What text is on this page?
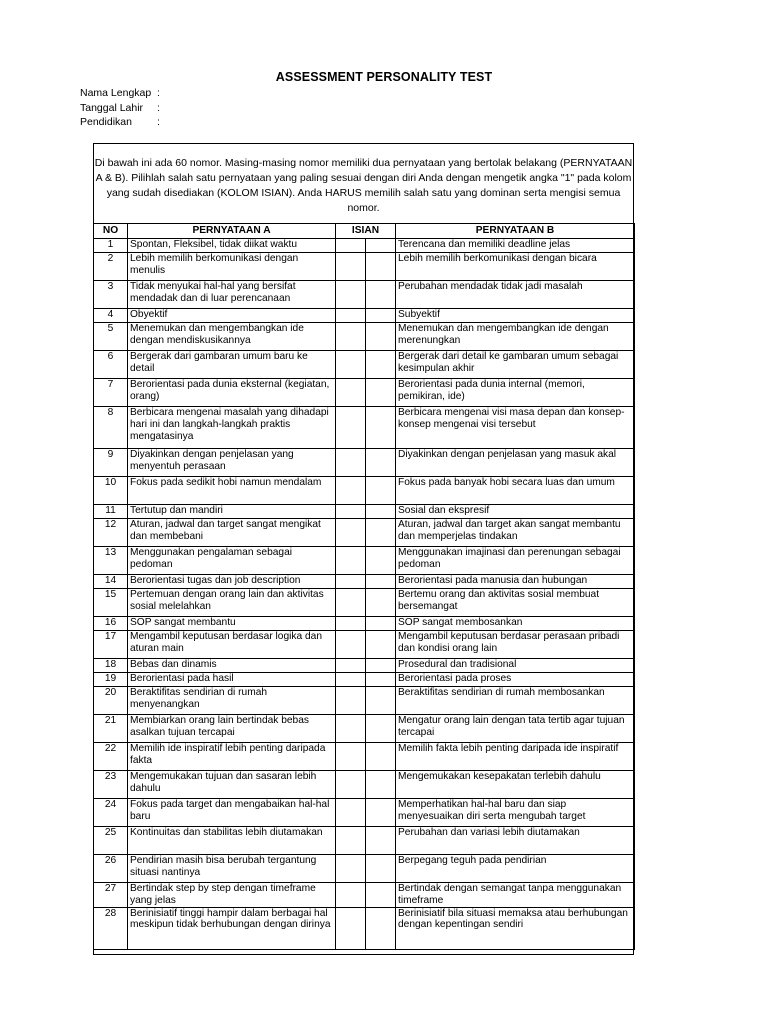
ASSESSMENT PERSONALITY TEST
Nama Lengkap :
Tanggal Lahir	:
Pendidikan	:
Di bawah ini ada 60 nomor. Masing-masing nomor memiliki dua pernyataan yang bertolak belakang (PERNYATAAN A & B). Pilihlah salah satu pernyataan yang paling sesuai dengan diri Anda dengan mengetik angka "1" pada kolom yang sudah disediakan (KOLOM ISIAN). Anda HARUS memilih salah satu yang dominan serta mengisi semua nomor.
NO	PERNYATAAN A	ISIAN		PERNYATAAN B
1	Spontan, Fleksibel, tidak diikat waktu			Terencana dan memiliki deadline jelas
2	Lebih memilih berkomunikasi dengan menulis			Lebih memilih berkomunikasi dengan bicara
3	Tidak menyukai hal-hal yang bersifat mendadak dan di luar perencanaan			Perubahan mendadak tidak jadi masalah
4	Obyektif			Subyektif
5	Menemukan dan mengembangkan ide dengan mendiskusikannya			Menemukan dan mengembangkan ide dengan merenungkan
6	Bergerak dari gambaran umum baru ke detail			Bergerak dari detail ke gambaran umum sebagai kesimpulan akhir
7	Berorientasi pada dunia eksternal (kegiatan, orang)			Berorientasi pada dunia internal (memori, pemikiran, ide)
8	Berbicara mengenai masalah yang dihadapi hari ini dan langkah-langkah praktis mengatasinya			Berbicara mengenai visi masa depan dan konsep-konsep mengenai visi tersebut
9	Diyakinkan dengan penjelasan yang menyentuh perasaan			Diyakinkan dengan penjelasan yang masuk akal
10	Fokus pada sedikit hobi namun mendalam			Fokus pada banyak hobi secara luas dan umum
11	Tertutup dan mandiri			Sosial dan ekspresif
12	Aturan, jadwal dan target sangat mengikat dan membebani			Aturan, jadwal dan target akan sangat membantu dan memperjelas tindakan
13	Menggunakan pengalaman sebagai pedoman			Menggunakan imajinasi dan perenungan sebagai pedoman
14	Berorientasi tugas dan job description			Berorientasi pada manusia dan hubungan
15	Pertemuan dengan orang lain dan aktivitas sosial melelahkan			Bertemu orang dan aktivitas sosial membuat bersemangat
16	SOP sangat membantu			SOP sangat membosankan
17	Mengambil keputusan berdasar logika dan aturan main			Mengambil keputusan berdasar perasaan pribadi dan kondisi orang lain
18	Bebas dan dinamis			Prosedural dan tradisional
19	Berorientasi pada hasil			Berorientasi pada proses
20	Beraktifitas sendirian di rumah menyenangkan			Beraktifitas sendirian di rumah membosankan
21	Membiarkan orang lain bertindak bebas asalkan tujuan tercapai			Mengatur orang lain dengan tata tertib agar tujuan tercapai
22	Memilih ide inspiratif lebih penting daripada fakta			Memilih fakta lebih penting daripada ide inspiratif
23	Mengemukakan tujuan dan sasaran lebih dahulu			Mengemukakan kesepakatan terlebih dahulu
24	Fokus pada target dan mengabaikan hal-hal baru			Memperhatikan hal-hal baru dan siap menyesuaikan diri serta mengubah target
25	Kontinuitas dan stabilitas lebih diutamakan			Perubahan dan variasi lebih diutamakan
26	Pendirian masih bisa berubah tergantung situasi nantinya			Berpegang teguh pada pendirian
27	Bertindak step by step dengan timeframe yang jelas			Bertindak dengan semangat tanpa menggunakan timeframe
28	Berinisiatif tinggi hampir dalam berbagai hal meskipun tidak berhubungan dengan dirinya			Berinisiatif bila situasi memaksa atau berhubungan dengan kepentingan sendiri
